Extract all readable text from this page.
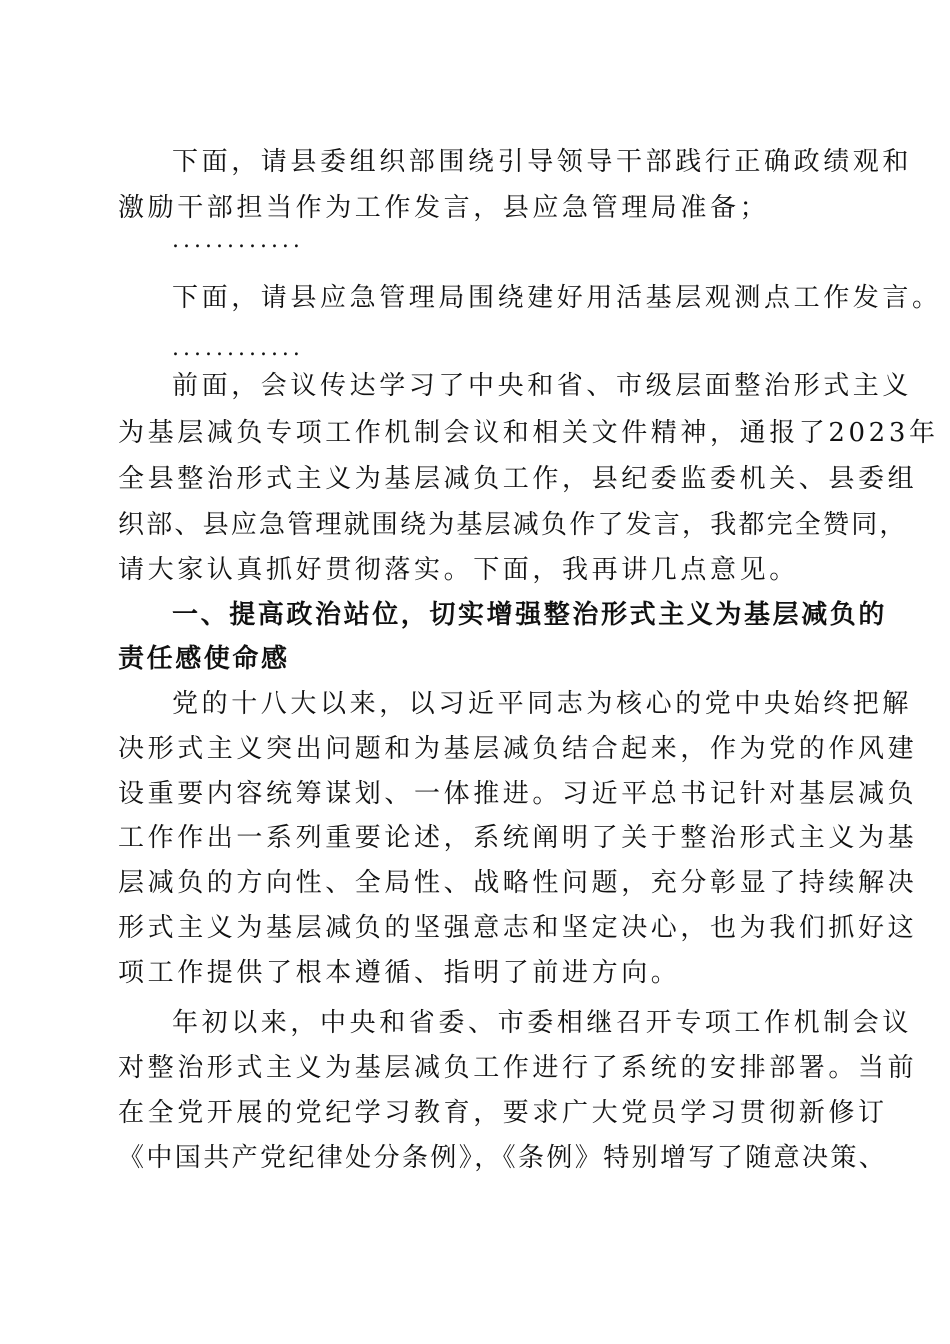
下面，请县委组织部围绕引导领导干部践行正确政绩观和
激励干部担当作为工作发言，县应急管理局准备；
............
下面，请县应急管理局围绕建好用活基层观测点工作发言。
............
前面，会议传达学习了中央和省、市级层面整治形式主义
为基层减负专项工作机制会议和相关文件精神，通报了2023年
全县整治形式主义为基层减负工作，县纪委监委机关、县委组
织部、县应急管理就围绕为基层减负作了发言，我都完全赞同，
请大家认真抓好贯彻落实。下面，我再讲几点意见。
一、提高政治站位，切实增强整治形式主义为基层减负的
责任感使命感
党的十八大以来，以习近平同志为核心的党中央始终把解
决形式主义突出问题和为基层减负结合起来，作为党的作风建
设重要内容统筹谋划、一体推进。习近平总书记针对基层减负
工作作出一系列重要论述，系统阐明了关于整治形式主义为基
层减负的方向性、全局性、战略性问题，充分彰显了持续解决
形式主义为基层减负的坚强意志和坚定决心，也为我们抓好这
项工作提供了根本遵循、指明了前进方向。
年初以来，中央和省委、市委相继召开专项工作机制会议
对整治形式主义为基层减负工作进行了系统的安排部署。当前
在全党开展的党纪学习教育，要求广大党员学习贯彻新修订
《中国共产党纪律处分条例》，《条例》特别增写了随意决策、
